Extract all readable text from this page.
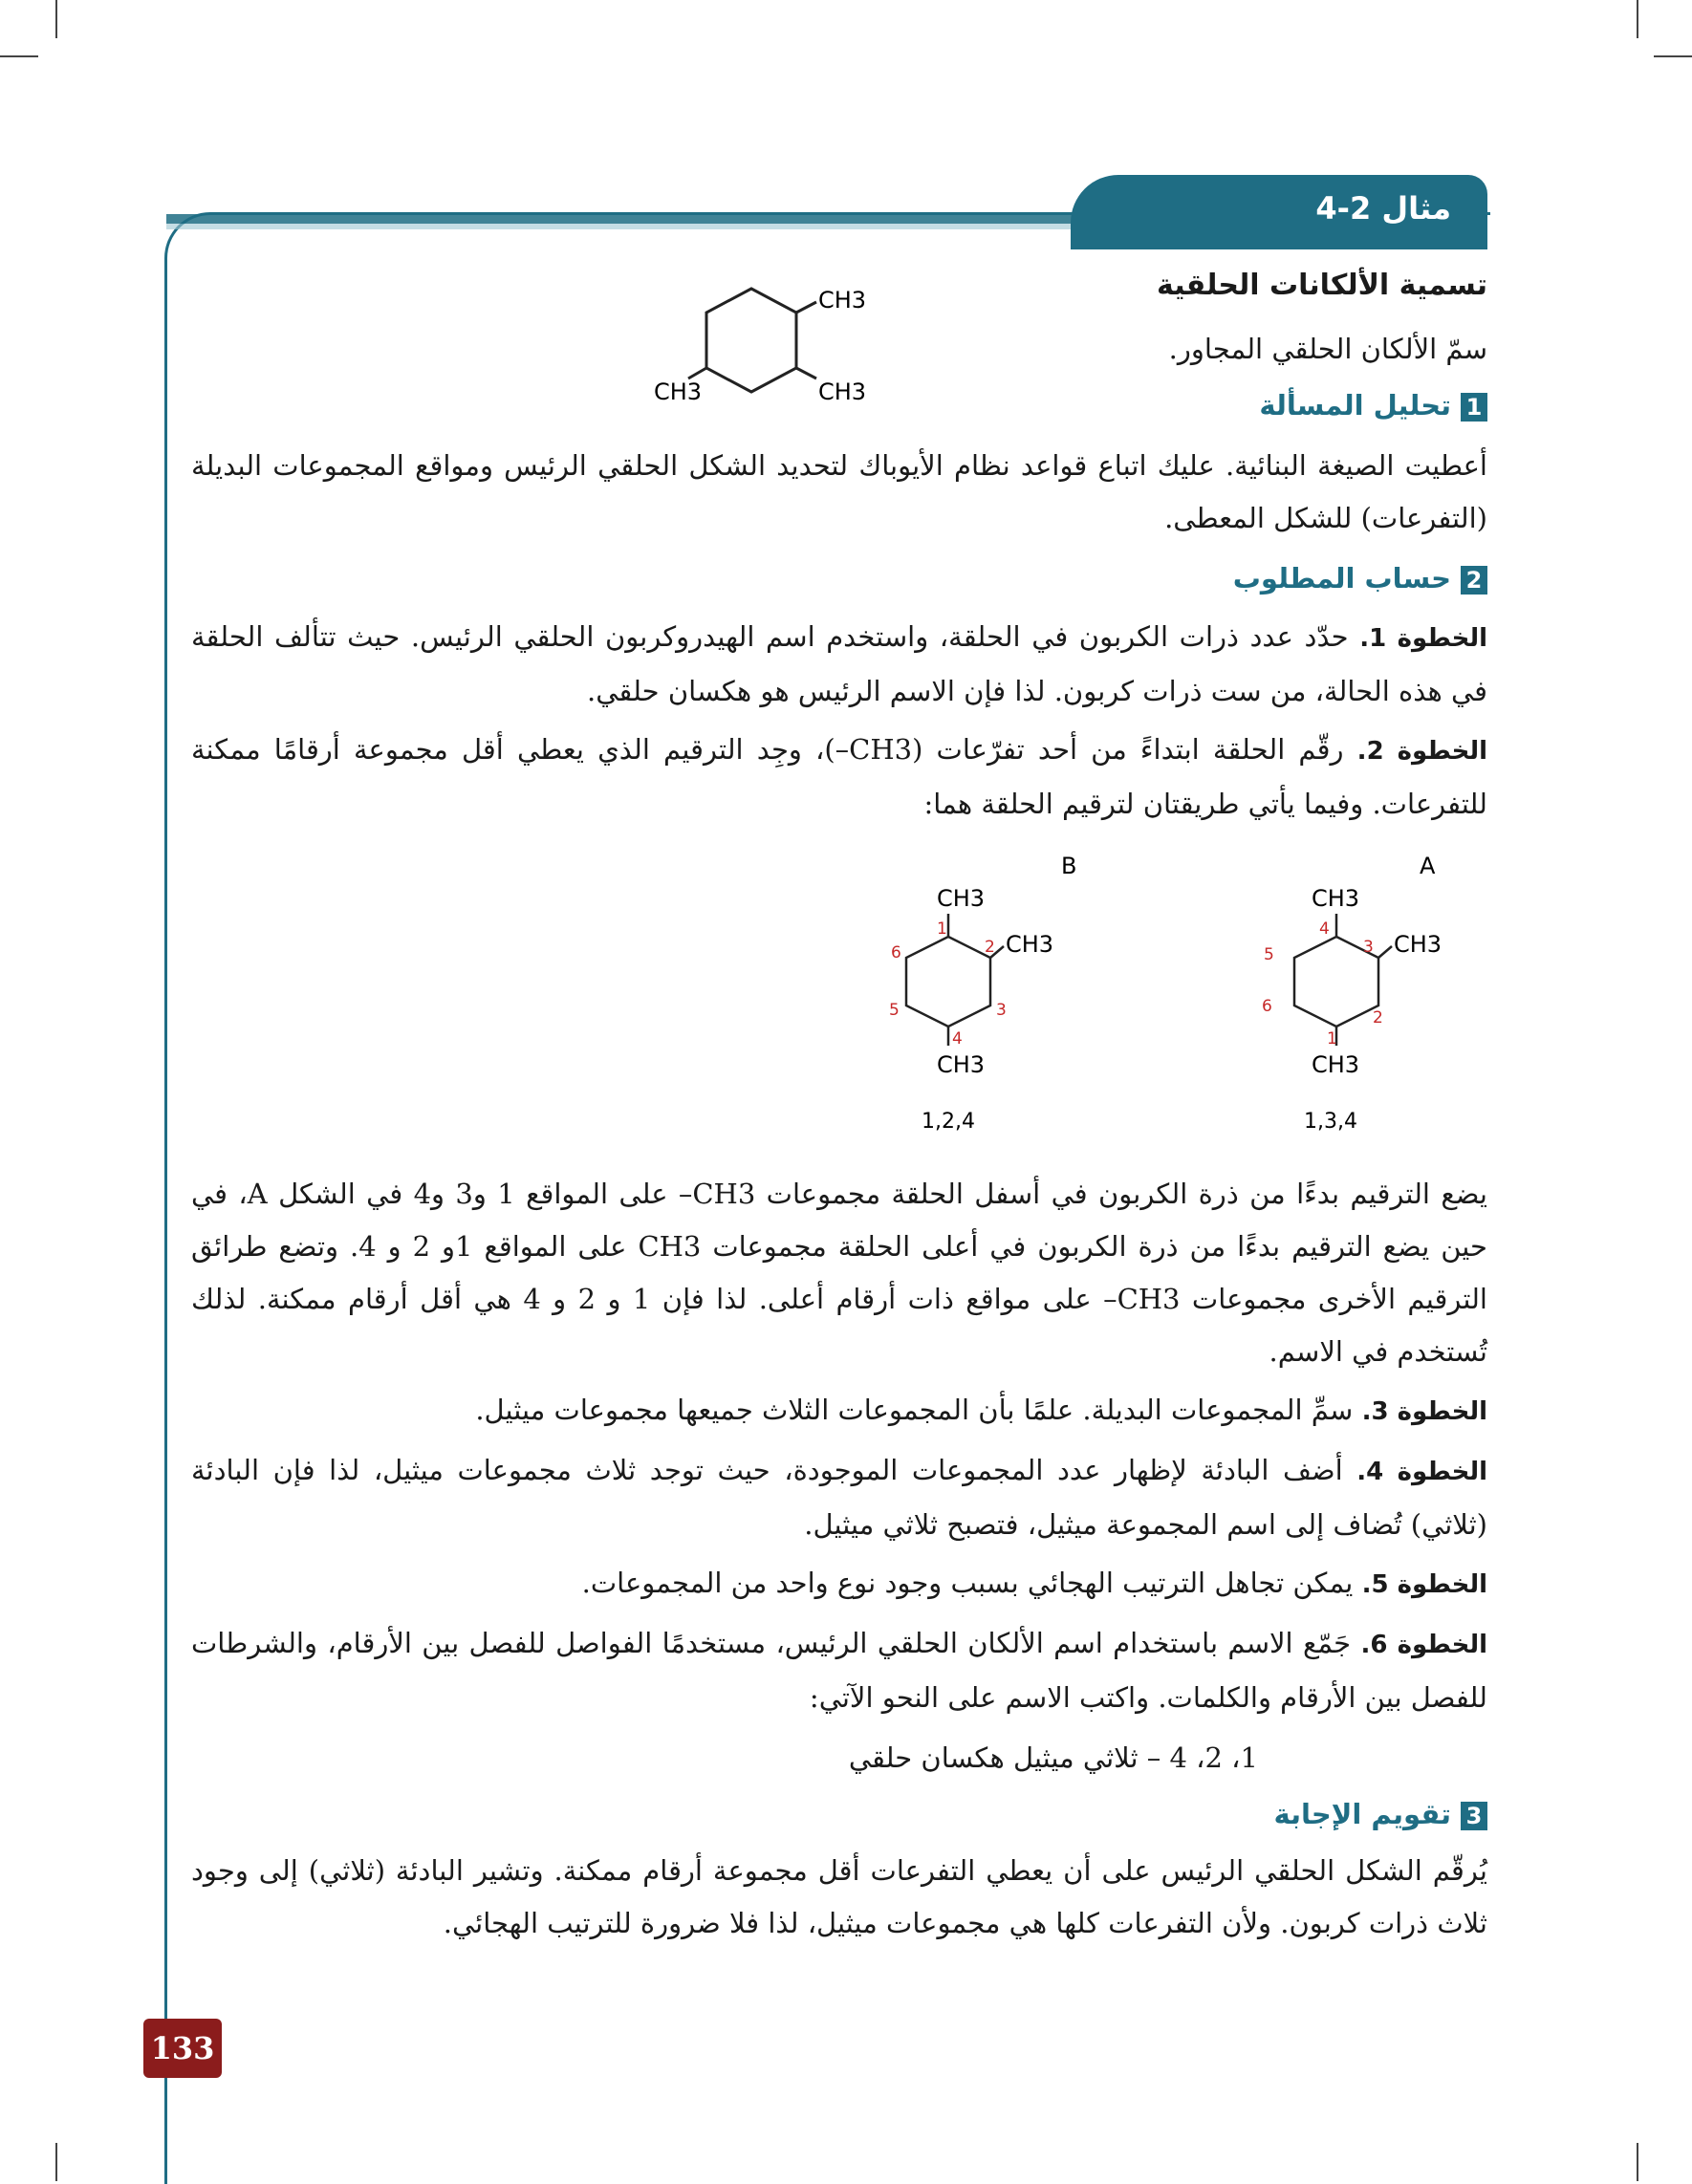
مثال 2-4
تسمية الألكانات الحلقية
سمّ الألكان الحلقي المجاور.
1تحليل المسألة
CH3
CH3
CH3
أعطيت الصيغة البنائية. عليك اتباع قواعد نظام الأيوباك لتحديد الشكل الحلقي الرئيس ومواقع المجموعات البديلة (التفرعات) للشكل المعطى.
2حساب المطلوب
الخطوة 1. حدّد عدد ذرات الكربون في الحلقة، واستخدم اسم الهيدروكربون الحلقي الرئيس. حيث تتألف الحلقة في هذه الحالة، من ست ذرات كربون. لذا فإن الاسم الرئيس هو هكسان حلقي.
الخطوة 2. رقّم الحلقة ابتداءً من أحد تفرّعات (CH3–)، وجِد الترقيم الذي يعطي أقل مجموعة أرقامًا ممكنة للتفرعات. وفيما يأتي طريقتان لترقيم الحلقة هما:
A
CH3
CH3
CH3
4
3
2
1
6
5
1,3,4
B
CH3
CH3
CH3
1
2
3
4
5
6
1,2,4
يضع الترقيم بدءًا من ذرة الكربون في أسفل الحلقة مجموعات CH3– على المواقع 1 و3 و4 في الشكل A، في حين يضع الترقيم بدءًا من ذرة الكربون في أعلى الحلقة مجموعات CH3 على المواقع 1و 2 و 4. وتضع طرائق الترقيم الأخرى مجموعات CH3– على مواقع ذات أرقام أعلى. لذا فإن 1 و 2 و 4 هي أقل أرقام ممكنة. لذلك تُستخدم في الاسم.
الخطوة 3. سمِّ المجموعات البديلة. علمًا بأن المجموعات الثلاث جميعها مجموعات ميثيل.
الخطوة 4. أضف البادئة لإظهار عدد المجموعات الموجودة، حيث توجد ثلاث مجموعات ميثيل، لذا فإن البادئة (ثلاثي) تُضاف إلى اسم المجموعة ميثيل، فتصبح ثلاثي ميثيل.
الخطوة 5. يمكن تجاهل الترتيب الهجائي بسبب وجود نوع واحد من المجموعات.
الخطوة 6. جَمّع الاسم باستخدام اسم الألكان الحلقي الرئيس، مستخدمًا الفواصل للفصل بين الأرقام، والشرطات للفصل بين الأرقام والكلمات. واكتب الاسم على النحو الآتي:
1، 2، 4 – ثلاثي ميثيل هكسان حلقي
3تقويم الإجابة
يُرقّم الشكل الحلقي الرئيس على أن يعطي التفرعات أقل مجموعة أرقام ممكنة. وتشير البادئة (ثلاثي) إلى وجود ثلاث ذرات كربون. ولأن التفرعات كلها هي مجموعات ميثيل، لذا فلا ضرورة للترتيب الهجائي.
133
